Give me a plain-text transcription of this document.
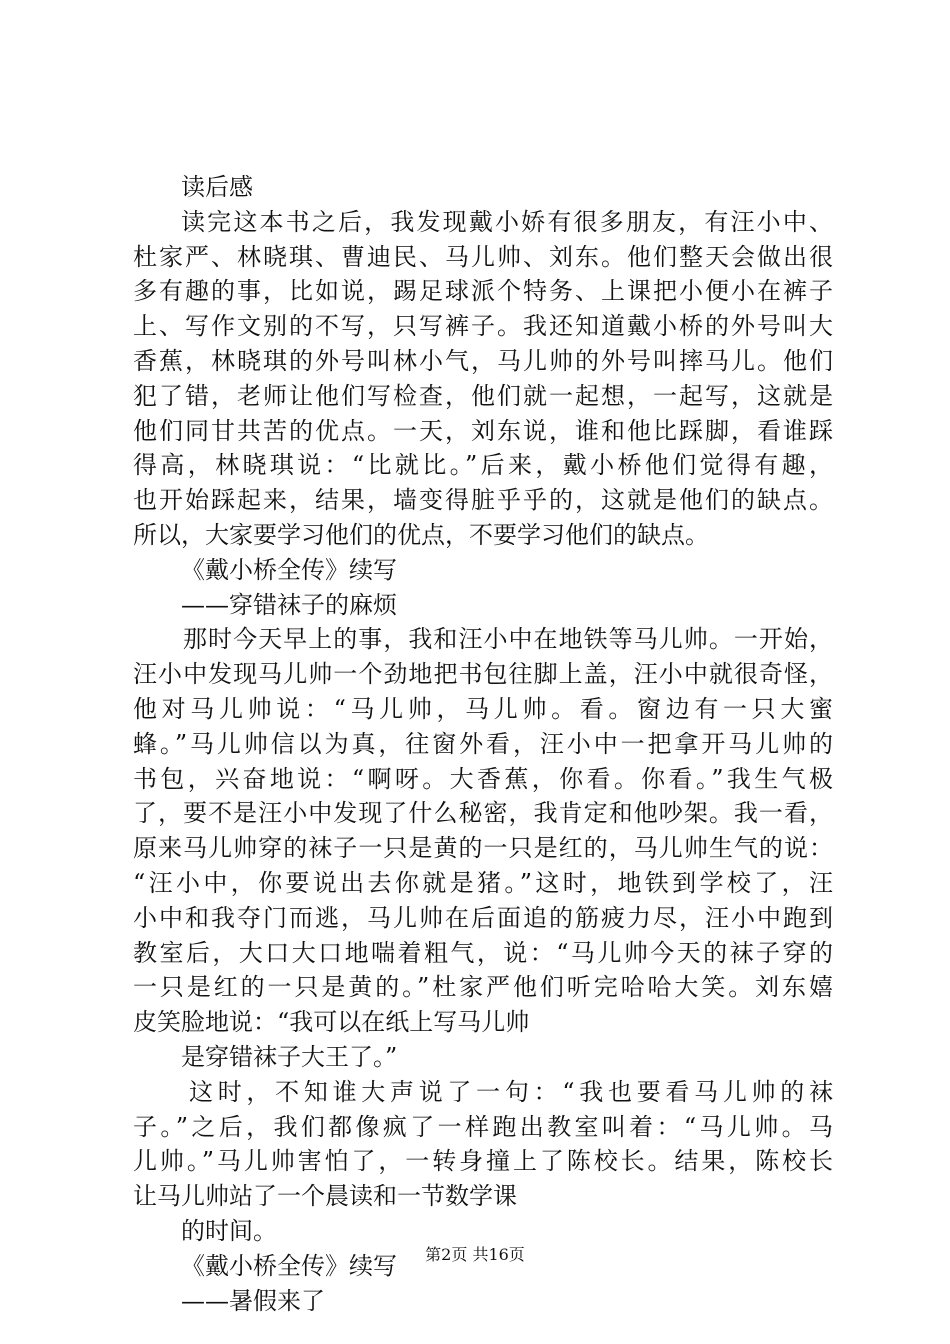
读后感
读完这本书之后，我发现戴小娇有很多朋友，有汪小中、
杜家严、林晓琪、曹迪民、马儿帅、刘东。他们整天会做出很
多有趣的事，比如说，踢足球派个特务、上课把小便小在裤子
上、写作文别的不写，只写裤子。我还知道戴小桥的外号叫大
香蕉，林晓琪的外号叫林小气，马儿帅的外号叫摔马儿。他们
犯了错，老师让他们写检查，他们就一起想，一起写，这就是
他们同甘共苦的优点。一天，刘东说，谁和他比踩脚，看谁踩
得高，林晓琪说：“比就比。”后来，戴小桥他们觉得有趣，
也开始踩起来，结果，墙变得脏乎乎的，这就是他们的缺点。
所以，大家要学习他们的优点，不要学习他们的缺点。
《戴小桥全传》续写
——穿错袜子的麻烦
那时今天早上的事，我和汪小中在地铁等马儿帅。一开始，
汪小中发现马儿帅一个劲地把书包往脚上盖，汪小中就很奇怪，
他对马儿帅说：“马儿帅，马儿帅。看。窗边有一只大蜜
蜂。”马儿帅信以为真，往窗外看，汪小中一把拿开马儿帅的
书包，兴奋地说：“啊呀。大香蕉，你看。你看。”我生气极
了，要不是汪小中发现了什么秘密，我肯定和他吵架。我一看，
原来马儿帅穿的袜子一只是黄的一只是红的，马儿帅生气的说：
“汪小中，你要说出去你就是猪。”这时，地铁到学校了，汪
小中和我夺门而逃，马儿帅在后面追的筋疲力尽，汪小中跑到
教室后，大口大口地喘着粗气，说：“马儿帅今天的袜子穿的
一只是红的一只是黄的。”杜家严他们听完哈哈大笑。刘东嬉
皮笑脸地说：“我可以在纸上写马儿帅
是穿错袜子大王了。”
这时，不知谁大声说了一句：“我也要看马儿帅的袜
子。”之后，我们都像疯了一样跑出教室叫着：“马儿帅。马
儿帅。”马儿帅害怕了，一转身撞上了陈校长。结果，陈校长
让马儿帅站了一个晨读和一节数学课
的时间。
《戴小桥全传》续写
——暑假来了
第2页 共16页
